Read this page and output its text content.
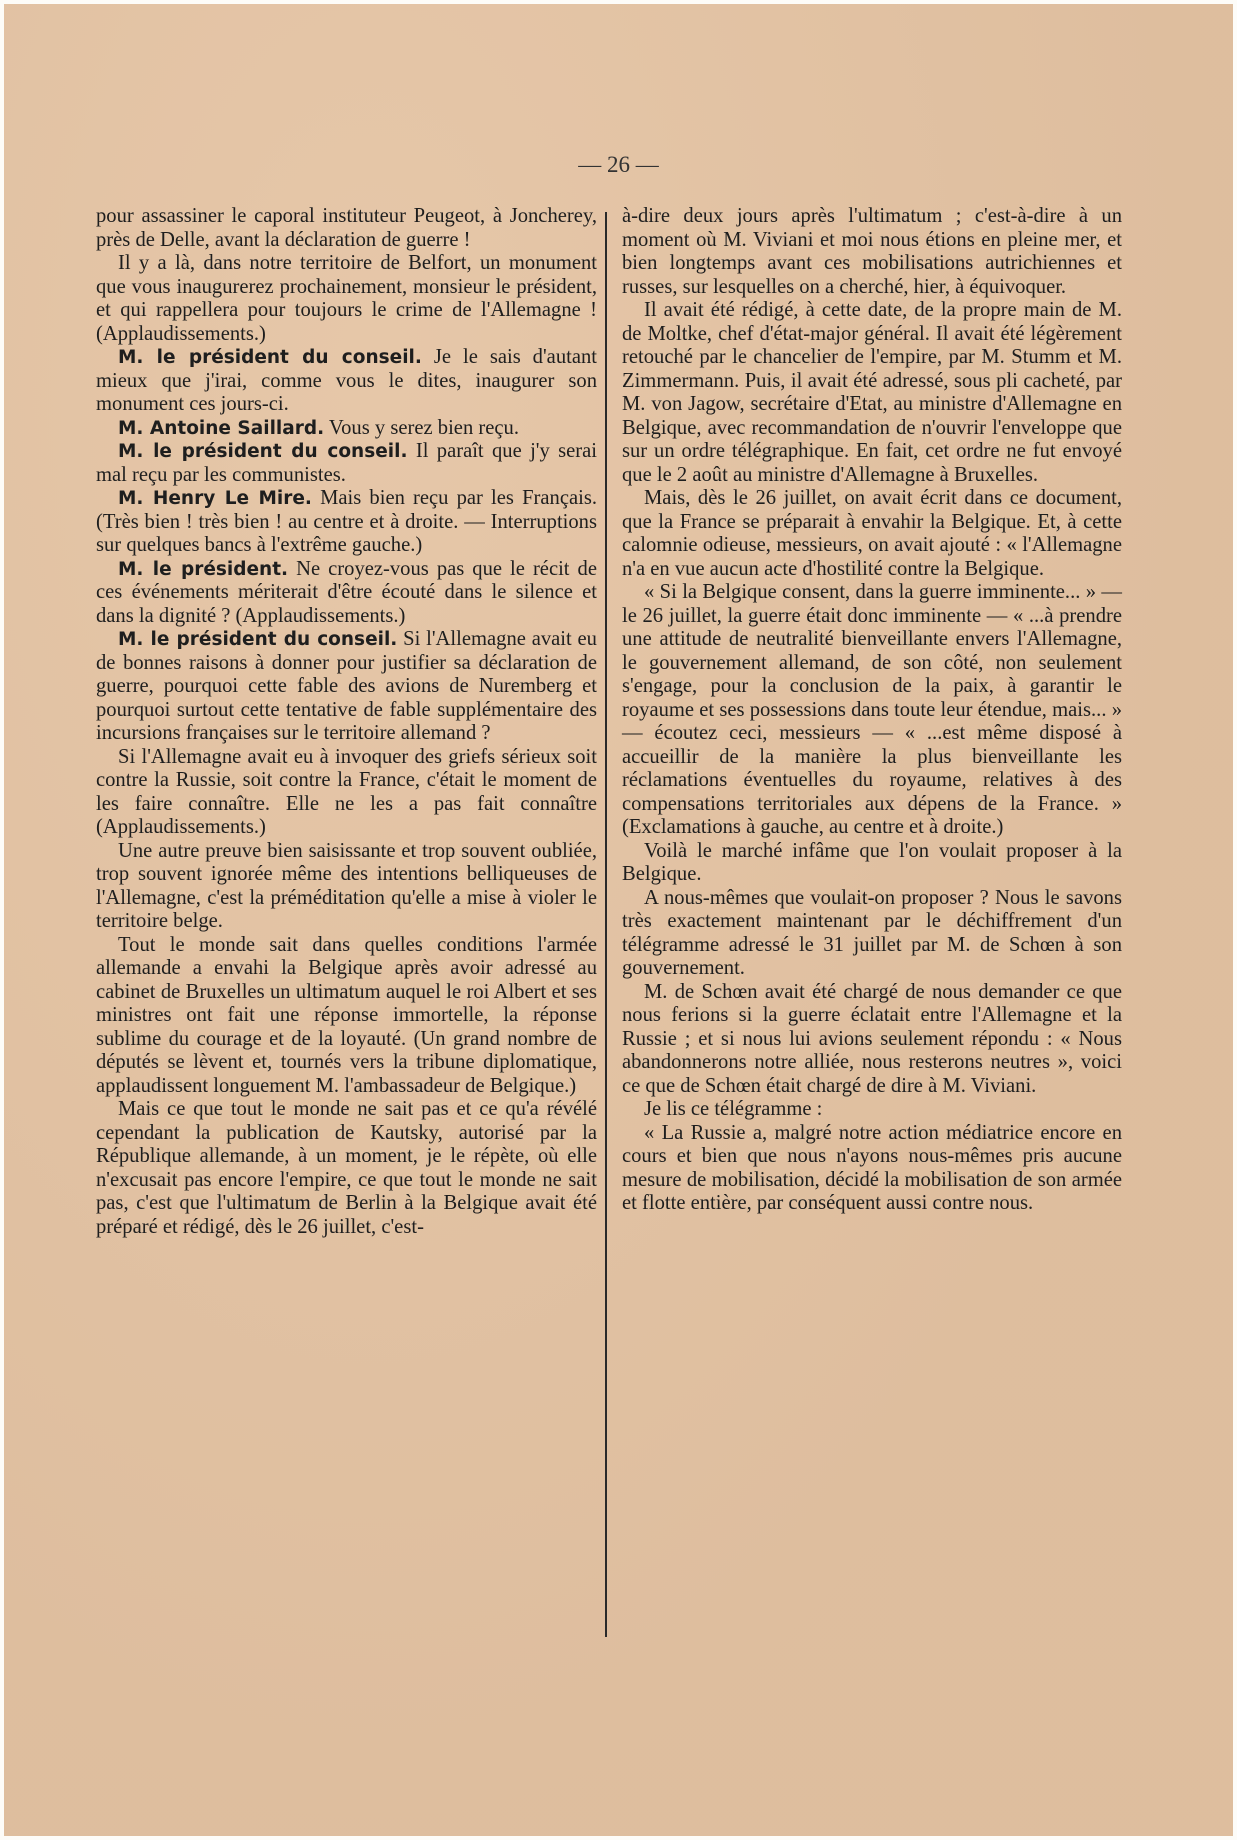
— 26 —

pour assassiner le caporal instituteur Peugeot, à Joncherey, près de Delle, avant la déclaration de guerre !

Il y a là, dans notre territoire de Belfort, un monument que vous inaugurerez prochainement, monsieur le président, et qui rappellera pour toujours le crime de l'Allemagne ! (Applaudissements.)

M. le président du conseil. Je le sais d'autant mieux que j'irai, comme vous le dites, inaugurer son monument ces jours-ci.

M. Antoine Saillard. Vous y serez bien reçu.

M. le président du conseil. Il paraît que j'y serai mal reçu par les communistes.

M. Henry Le Mire. Mais bien reçu par les Français. (Très bien ! très bien ! au centre et à droite. — Interruptions sur quelques bancs à l'extrême gauche.)

M. le président. Ne croyez-vous pas que le récit de ces événements mériterait d'être écouté dans le silence et dans la dignité ? (Applaudissements.)

M. le président du conseil. Si l'Allemagne avait eu de bonnes raisons à donner pour justifier sa déclaration de guerre, pourquoi cette fable des avions de Nuremberg et pourquoi surtout cette tentative de fable supplémentaire des incursions françaises sur le territoire allemand ?

Si l'Allemagne avait eu à invoquer des griefs sérieux soit contre la Russie, soit contre la France, c'était le moment de les faire connaître. Elle ne les a pas fait connaître (Applaudissements.)

Une autre preuve bien saisissante et trop souvent oubliée, trop souvent ignorée même des intentions belliqueuses de l'Allemagne, c'est la préméditation qu'elle a mise à violer le territoire belge.

Tout le monde sait dans quelles conditions l'armée allemande a envahi la Belgique après avoir adressé au cabinet de Bruxelles un ultimatum auquel le roi Albert et ses ministres ont fait une réponse immortelle, la réponse sublime du courage et de la loyauté. (Un grand nombre de députés se lèvent et, tournés vers la tribune diplomatique, applaudissent longuement M. l'ambassadeur de Belgique.)

Mais ce que tout le monde ne sait pas et ce qu'a révélé cependant la publication de Kautsky, autorisé par la République allemande, à un moment, je le répète, où elle n'excusait pas encore l'empire, ce que tout le monde ne sait pas, c'est que l'ultimatum de Berlin à la Belgique avait été préparé et rédigé, dès le 26 juillet, c'est-

à-dire deux jours après l'ultimatum ; c'est-à-dire à un moment où M. Viviani et moi nous étions en pleine mer, et bien longtemps avant ces mobilisations autrichiennes et russes, sur lesquelles on a cherché, hier, à équivoquer.

Il avait été rédigé, à cette date, de la propre main de M. de Moltke, chef d'état-major général. Il avait été légèrement retouché par le chancelier de l'empire, par M. Stumm et M. Zimmermann. Puis, il avait été adressé, sous pli cacheté, par M. von Jagow, secrétaire d'Etat, au ministre d'Allemagne en Belgique, avec recommandation de n'ouvrir l'enveloppe que sur un ordre télégraphique. En fait, cet ordre ne fut envoyé que le 2 août au ministre d'Allemagne à Bruxelles.

Mais, dès le 26 juillet, on avait écrit dans ce document, que la France se préparait à envahir la Belgique. Et, à cette calomnie odieuse, messieurs, on avait ajouté : « l'Allemagne n'a en vue aucun acte d'hostilité contre la Belgique.

« Si la Belgique consent, dans la guerre imminente... » — le 26 juillet, la guerre était donc imminente — « ...à prendre une attitude de neutralité bienveillante envers l'Allemagne, le gouvernement allemand, de son côté, non seulement s'engage, pour la conclusion de la paix, à garantir le royaume et ses possessions dans toute leur étendue, mais... » — écoutez ceci, messieurs — « ...est même disposé à accueillir de la manière la plus bienveillante les réclamations éventuelles du royaume, relatives à des compensations territoriales aux dépens de la France. » (Exclamations à gauche, au centre et à droite.)

Voilà le marché infâme que l'on voulait proposer à la Belgique.

A nous-mêmes que voulait-on proposer ? Nous le savons très exactement maintenant par le déchiffrement d'un télégramme adressé le 31 juillet par M. de Schœn à son gouvernement.

M. de Schœn avait été chargé de nous demander ce que nous ferions si la guerre éclatait entre l'Allemagne et la Russie ; et si nous lui avions seulement répondu : « Nous abandonnerons notre alliée, nous resterons neutres », voici ce que de Schœn était chargé de dire à M. Viviani.

Je lis ce télégramme :

« La Russie a, malgré notre action médiatrice encore en cours et bien que nous n'ayons nous-mêmes pris aucune mesure de mobilisation, décidé la mobilisation de son armée et flotte entière, par conséquent aussi contre nous.
